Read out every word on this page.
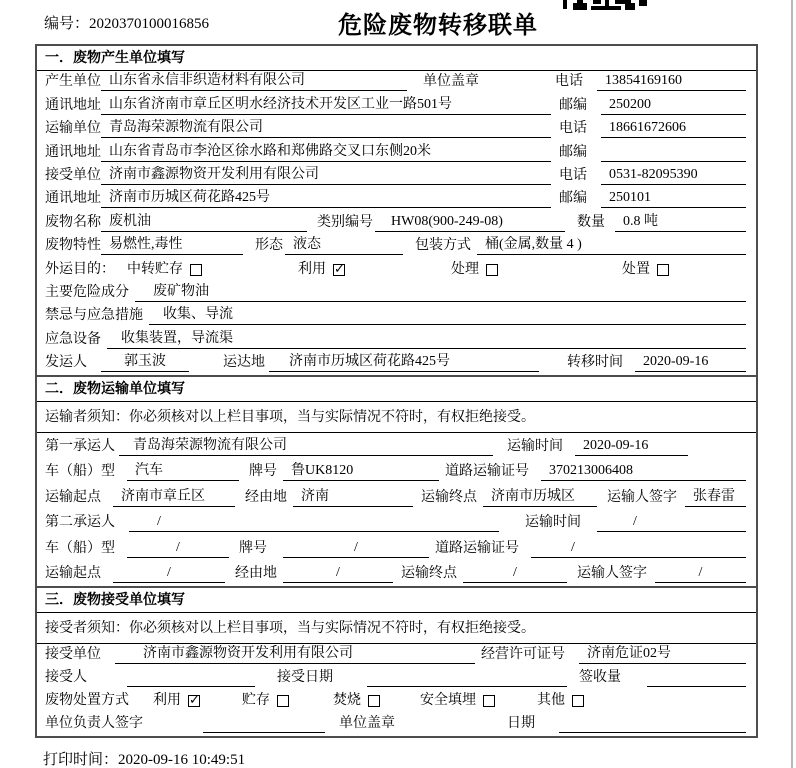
编号：2020370100016856	危险废物转移联单
一．废物产生单位填写
产生单位 山东省永信非织造材料有限公司	单位盖章	电话	13854169160
通讯地址 山东省济南市章丘区明水经济技术开发区工业一路501号	邮编	250200
运输单位 青岛海荣源物流有限公司	电话	18661672606
通讯地址 山东省青岛市李沧区徐水路和郑佛路交叉口东侧20米	邮编
接受单位 济南市鑫源物资开发利用有限公司	电话	0531-82095390
通讯地址 济南市历城区荷花路425号	邮编	250101
废物名称 废机油	类别编号	HW08(900-249-08)	数量	0.8 吨
废物特性 易燃性,毒性	形态 液态	包装方式	桶(金属,数量 4 )
外运目的： 中转贮存	利用 ✓	处理	处置
主要危险成分	废矿物油
禁忌与应急措施	收集、导流
应急设备	收集装置，导流渠
发运人	郭玉波	运达地	济南市历城区荷花路425号	转移时间	2020-09-16
二．废物运输单位填写
运输者须知：你必须核对以上栏目事项，当与实际情况不符时，有权拒绝接受。
第一承运人	青岛海荣源物流有限公司	运输时间	2020-09-16
车（船）型	汽车	牌号	鲁UK8120	道路运输证号	370213006408
运输起点	济南市章丘区	经由地	济南	运输终点	济南市历城区	运输人签字	张春雷
第二承运人	/	运输时间	/
车（船）型	/	牌号	/	道路运输证号	/
运输起点	/	经由地	/	运输终点	/	运输人签字	/
三．废物接受单位填写
接受者须知：你必须核对以上栏目事项，当与实际情况不符时，有权拒绝接受。
接受单位	济南市鑫源物资开发利用有限公司	经营许可证号	济南危证02号
接受人	接受日期	签收量
废物处置方式 利用 ✓	贮存	焚烧	安全填埋	其他
单位负责人签字	单位盖章	日期
打印时间：2020-09-16 10:49:51
